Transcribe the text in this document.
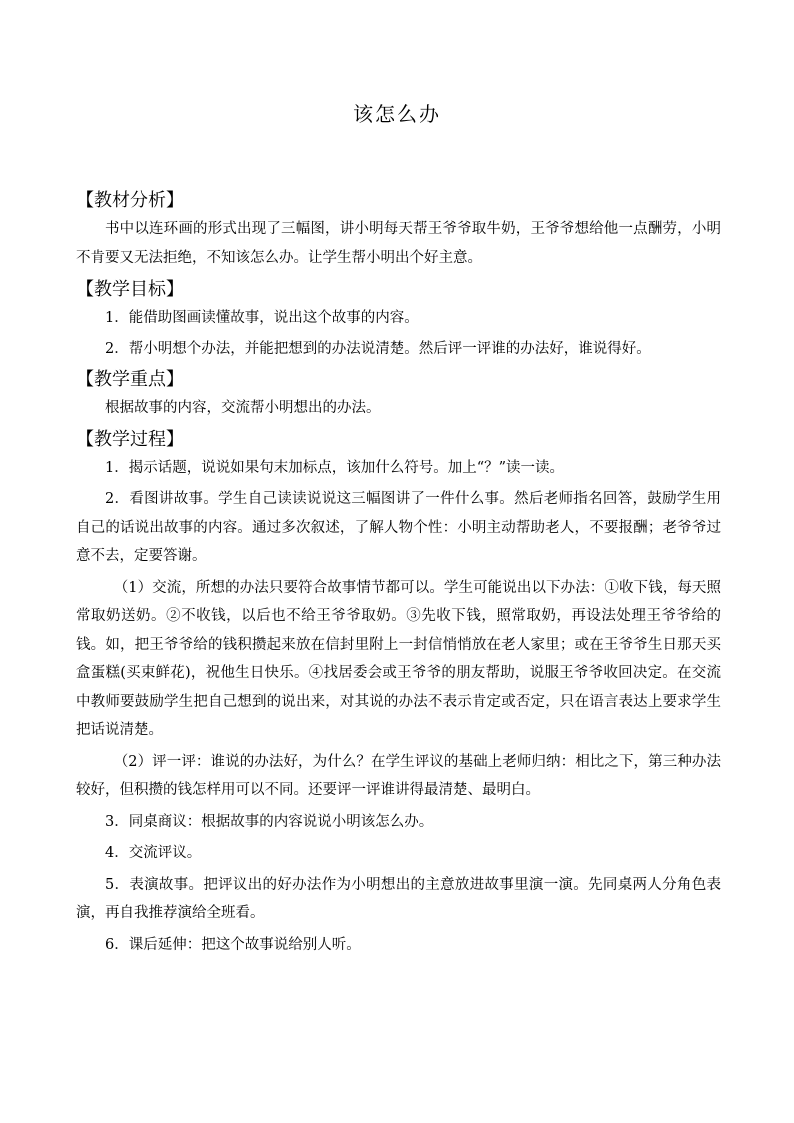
该怎么办
【教材分析】

书中以连环画的形式出现了三幅图，讲小明每天帮王爷爷取牛奶，王爷爷想给他一点酬劳，小明不肯要又无法拒绝，不知该怎么办。让学生帮小明出个好主意。

【教学目标】

1．能借助图画读懂故事，说出这个故事的内容。

2．帮小明想个办法，并能把想到的办法说清楚。然后评一评谁的办法好，谁说得好。

【教学重点】

根据故事的内容，交流帮小明想出的办法。

【教学过程】

1．揭示话题，说说如果句末加标点，该加什么符号。加上“？”读一读。

2．看图讲故事。学生自己读读说说这三幅图讲了一件什么事。然后老师指名回答，鼓励学生用自己的话说出故事的内容。通过多次叙述，了解人物个性：小明主动帮助老人，不要报酬；老爷爷过意不去，定要答谢。

（1）交流，所想的办法只要符合故事情节都可以。学生可能说出以下办法：①收下钱，每天照常取奶送奶。②不收钱，以后也不给王爷爷取奶。③先收下钱，照常取奶，再设法处理王爷爷给的钱。如，把王爷爷给的钱积攒起来放在信封里附上一封信悄悄放在老人家里；或在王爷爷生日那天买盒蛋糕(买束鲜花)，祝他生日快乐。④找居委会或王爷爷的朋友帮助，说服王爷爷收回决定。在交流中教师要鼓励学生把自己想到的说出来，对其说的办法不表示肯定或否定，只在语言表达上要求学生把话说清楚。

（2）评一评：谁说的办法好，为什么？在学生评议的基础上老师归纳：相比之下，第三种办法较好，但积攒的钱怎样用可以不同。还要评一评谁讲得最清楚、最明白。

3．同桌商议：根据故事的内容说说小明该怎么办。

4．交流评议。

5．表演故事。把评议出的好办法作为小明想出的主意放进故事里演一演。先同桌两人分角色表演，再自我推荐演给全班看。

6．课后延伸：把这个故事说给别人听。
